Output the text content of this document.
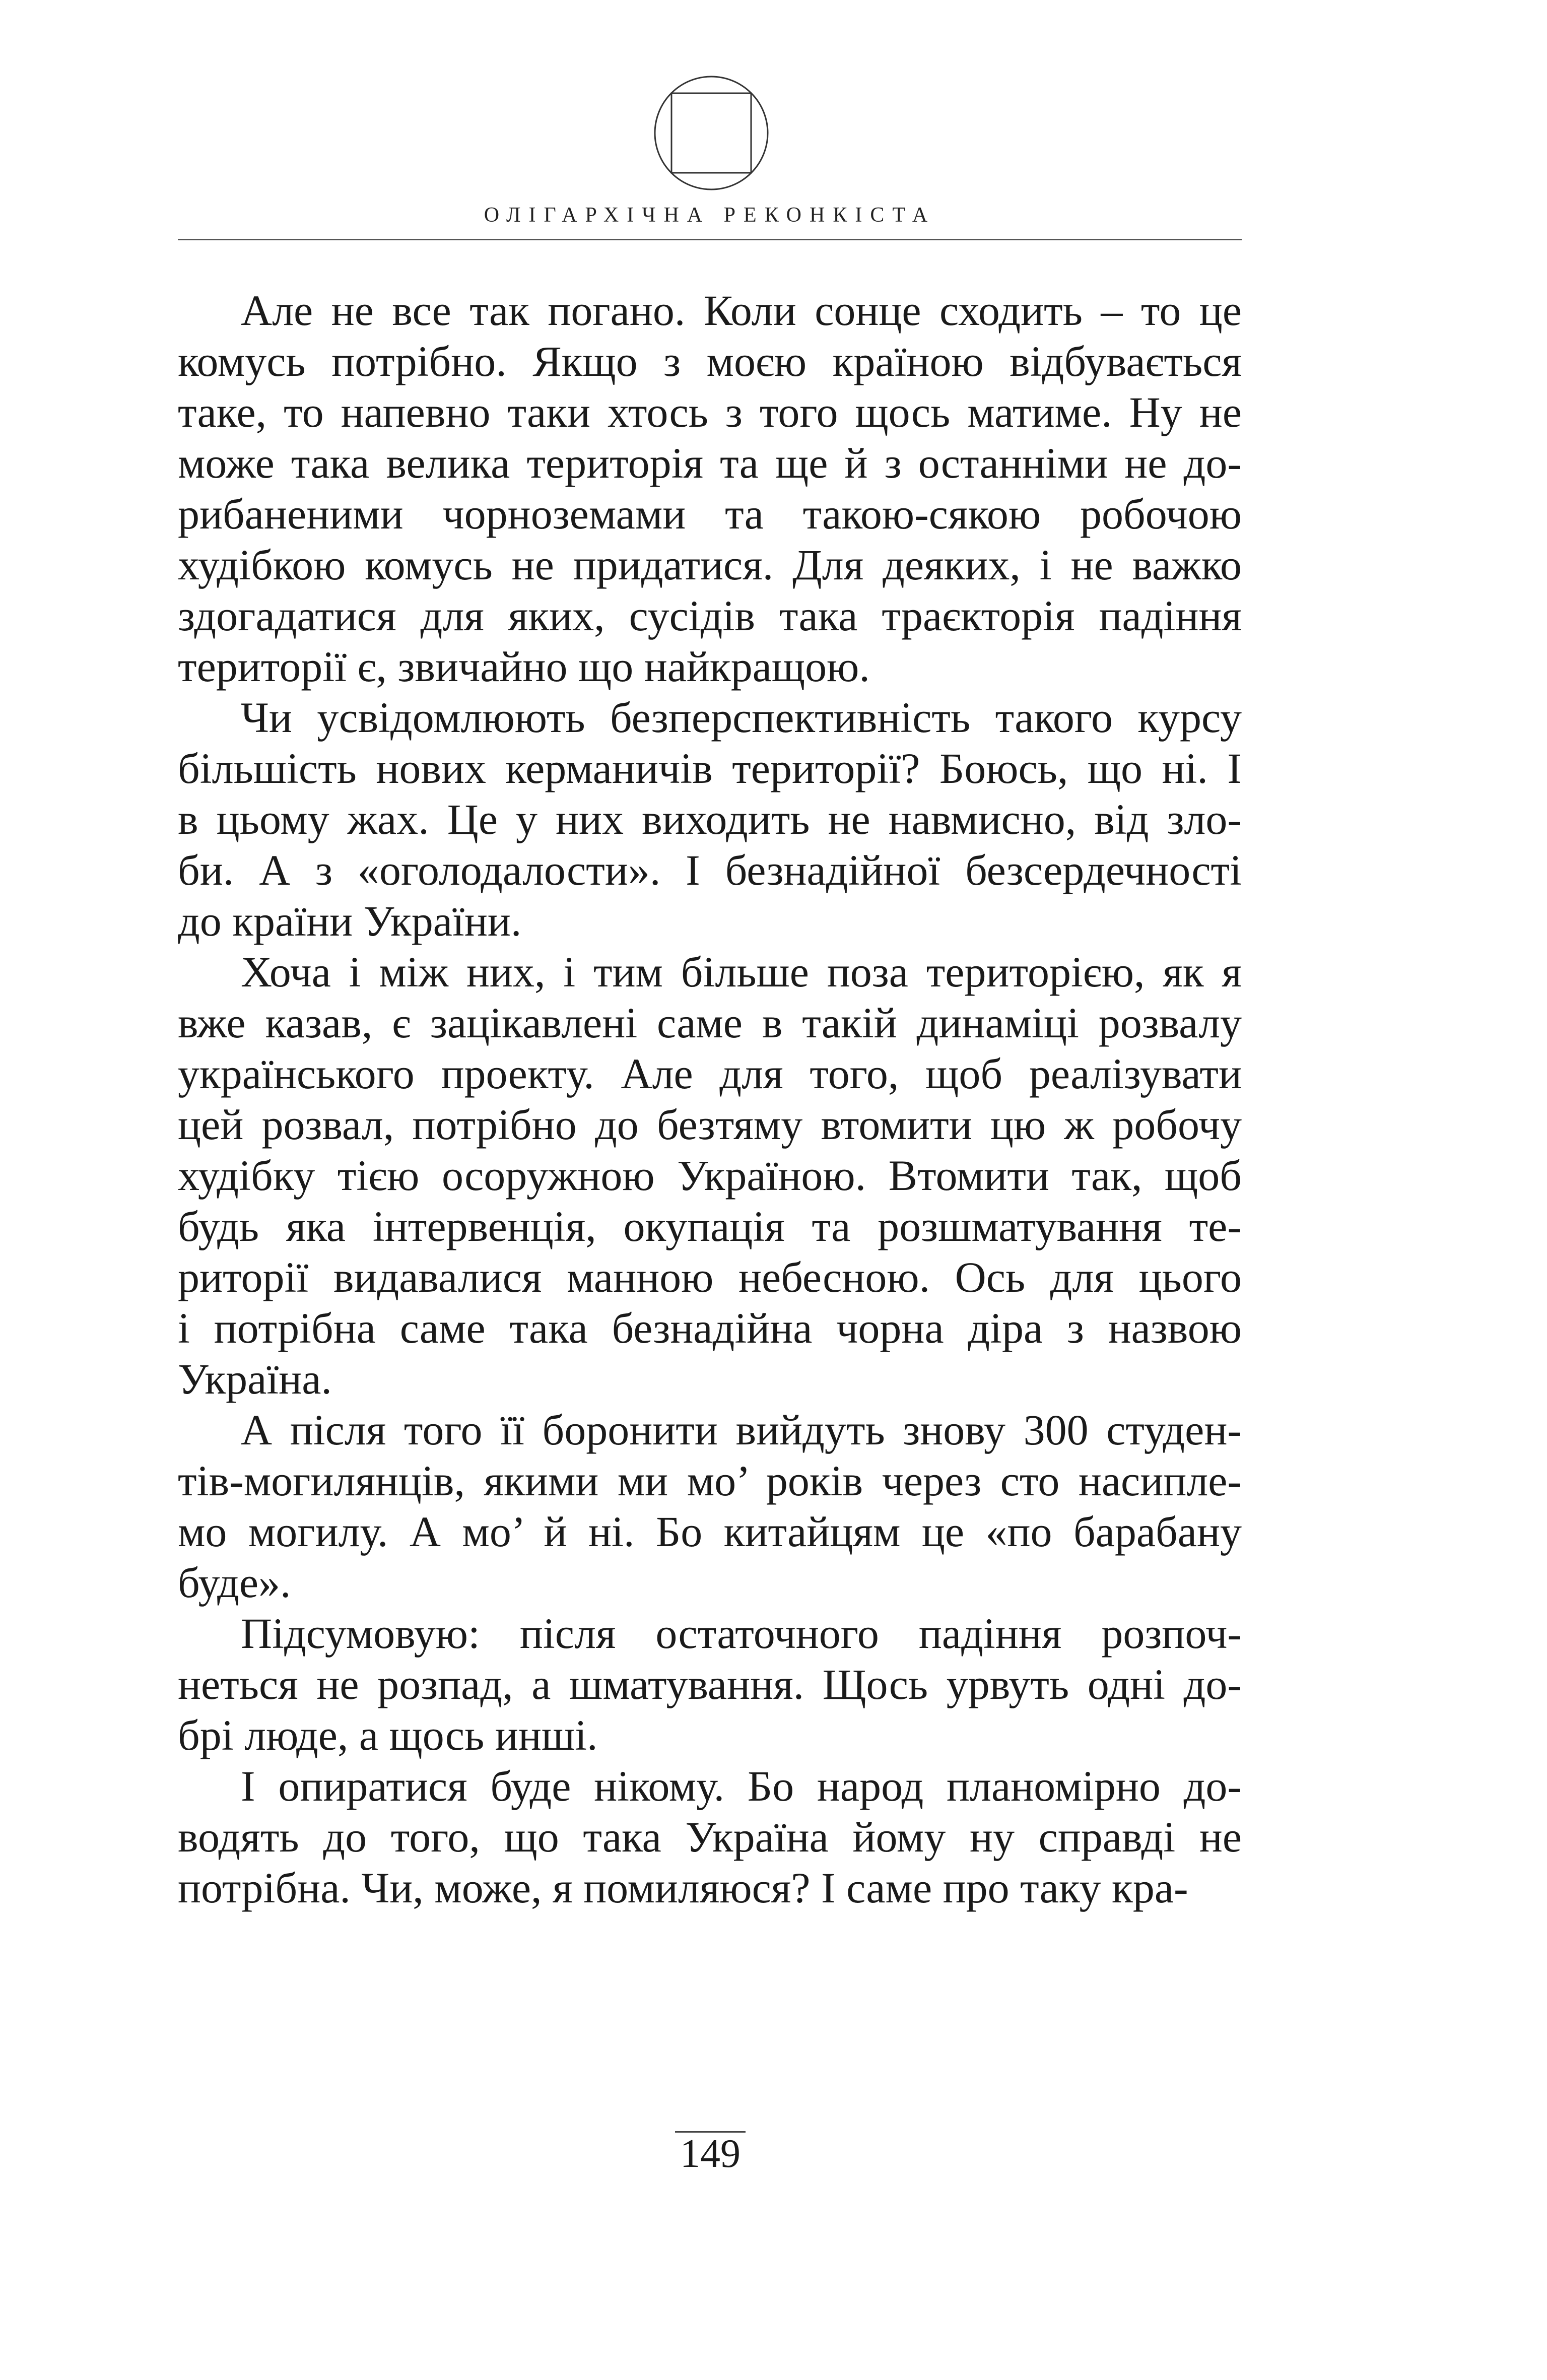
ОЛІГАРХІЧНА РЕКОНКІСТА
Але не все так погано. Коли сонце сходить – то це
комусь потрібно. Якщо з моєю країною відбувається
таке, то напевно таки хтось з того щось матиме. Ну не
може така велика територія та ще й з останніми не до-
рибаненими чорноземами та такою-сякою робочою
худібкою комусь не придатися. Для деяких, і не важко
здогадатися для яких, сусідів така траєкторія падіння
території є, звичайно що найкращою.
Чи усвідомлюють безперспективність такого курсу
більшість нових керманичів території? Боюсь, що ні. І
в цьому жах. Це у них виходить не навмисно, від зло-
би. А з «оголодалости». І безнадійної безсердечності
до країни України.
Хоча і між них, і тим більше поза територією, як я
вже казав, є зацікавлені саме в такій динаміці розвалу
українського проекту. Але для того, щоб реалізувати
цей розвал, потрібно до безтяму втомити цю ж робочу
худібку тією осоружною Україною. Втомити так, щоб
будь яка інтервенція, окупація та розшматування те-
риторії видавалися манною небесною. Ось для цього
і потрібна саме така безнадійна чорна діра з назвою
Україна.
А після того її боронити вийдуть знову 300 студен-
тів-могилянців, якими ми мо’ років через сто насипле-
мо могилу. А мо’ й ні. Бо китайцям це «по барабану
буде».
Підсумовую: після остаточного падіння розпоч-
неться не розпад, а шматування. Щось урвуть одні до-
брі люде, а щось инші.
І опиратися буде нікому. Бо народ планомірно до-
водять до того, що така Україна йому ну справді не
потрібна. Чи, може, я помиляюся? І саме про таку кра-
149
